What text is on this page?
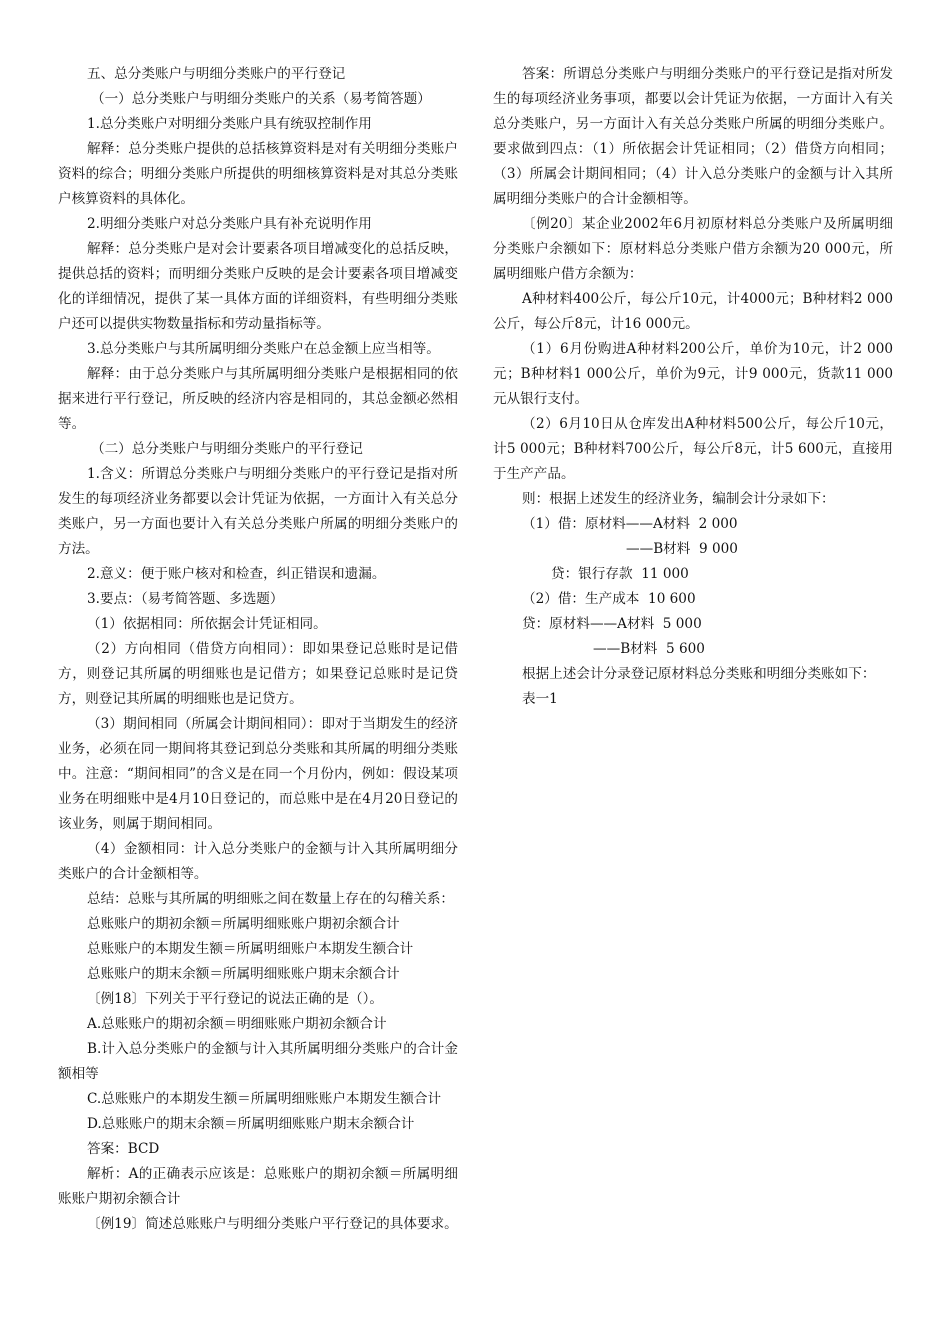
五、总分类账户与明细分类账户的平行登记
（一）总分类账户与明细分类账户的关系（易考简答题）
1.总分类账户对明细分类账户具有统驭控制作用
解释：总分类账户提供的总括核算资料是对有关明细分类账户资料的综合；明细分类账户所提供的明细核算资料是对其总分类账户核算资料的具体化。
2.明细分类账户对总分类账户具有补充说明作用
解释：总分类账户是对会计要素各项目增减变化的总括反映，提供总括的资料；而明细分类账户反映的是会计要素各项目增减变化的详细情况，提供了某一具体方面的详细资料，有些明细分类账户还可以提供实物数量指标和劳动量指标等。
3.总分类账户与其所属明细分类账户在总金额上应当相等。
解释：由于总分类账户与其所属明细分类账户是根据相同的依据来进行平行登记，所反映的经济内容是相同的，其总金额必然相等。
（二）总分类账户与明细分类账户的平行登记
1.含义：所谓总分类账户与明细分类账户的平行登记是指对所发生的每项经济业务都要以会计凭证为依据，一方面计入有关总分类账户，另一方面也要计入有关总分类账户所属的明细分类账户的方法。
2.意义：便于账户核对和检查，纠正错误和遗漏。
3.要点：（易考简答题、多选题）
（1）依据相同：所依据会计凭证相同。
（2）方向相同（借贷方向相同）：即如果登记总账时是记借方，则登记其所属的明细账也是记借方；如果登记总账时是记贷方，则登记其所属的明细账也是记贷方。
（3）期间相同（所属会计期间相同）：即对于当期发生的经济业务，必须在同一期间将其登记到总分类账和其所属的明细分类账中。注意：“期间相同”的含义是在同一个月份内，例如：假设某项业务在明细账中是4月10日登记的，而总账中是在4月20日登记的该业务，则属于期间相同。
（4）金额相同：计入总分类账户的金额与计入其所属明细分类账户的合计金额相等。
总结：总账与其所属的明细账之间在数量上存在的勾稽关系：
总账账户的期初余额＝所属明细账账户期初余额合计
总账账户的本期发生额＝所属明细账户本期发生额合计
总账账户的期末余额＝所属明细账账户期末余额合计
〔例18〕下列关于平行登记的说法正确的是（）。
A.总账账户的期初余额＝明细账账户期初余额合计
B.计入总分类账户的金额与计入其所属明细分类账户的合计金额相等
C.总账账户的本期发生额＝所属明细账账户本期发生额合计
D.总账账户的期末余额＝所属明细账账户期末余额合计
答案：BCD
解析：A的正确表示应该是：总账账户的期初余额＝所属明细账账户期初余额合计
〔例19〕简述总账账户与明细分类账户平行登记的具体要求。
答案：所谓总分类账户与明细分类账户的平行登记是指对所发生的每项经济业务事项，都要以会计凭证为依据，一方面计入有关总分类账户，另一方面计入有关总分类账户所属的明细分类账户。要求做到四点：（1）所依据会计凭证相同；（2）借贷方向相同；（3）所属会计期间相同；（4）计入总分类账户的金额与计入其所属明细分类账户的合计金额相等。
〔例20〕某企业2002年6月初原材料总分类账户及所属明细分类账户余额如下：原材料总分类账户借方余额为20 000元，所属明细账户借方余额为：
A种材料400公斤，每公斤10元，计4000元；B种材料2 000公斤，每公斤8元，计16 000元。
（1）6月份购进A种材料200公斤，单价为10元，计2 000元；B种材料1 000公斤，单价为9元，计9 000元，货款11 000元从银行支付。
（2）6月10日从仓库发出A种材料500公斤，每公斤10元，计5 000元；B种材料700公斤，每公斤8元，计5 600元，直接用于生产产品。
则：根据上述发生的经济业务，编制会计分录如下：
（1）借：原材料——A材料  2 000
——B材料  9 000
贷：银行存款  11 000
（2）借：生产成本  10 600
贷：原材料——A材料  5 000
——B材料  5 600
根据上述会计分录登记原材料总分类账和明细分类账如下：
表一1
